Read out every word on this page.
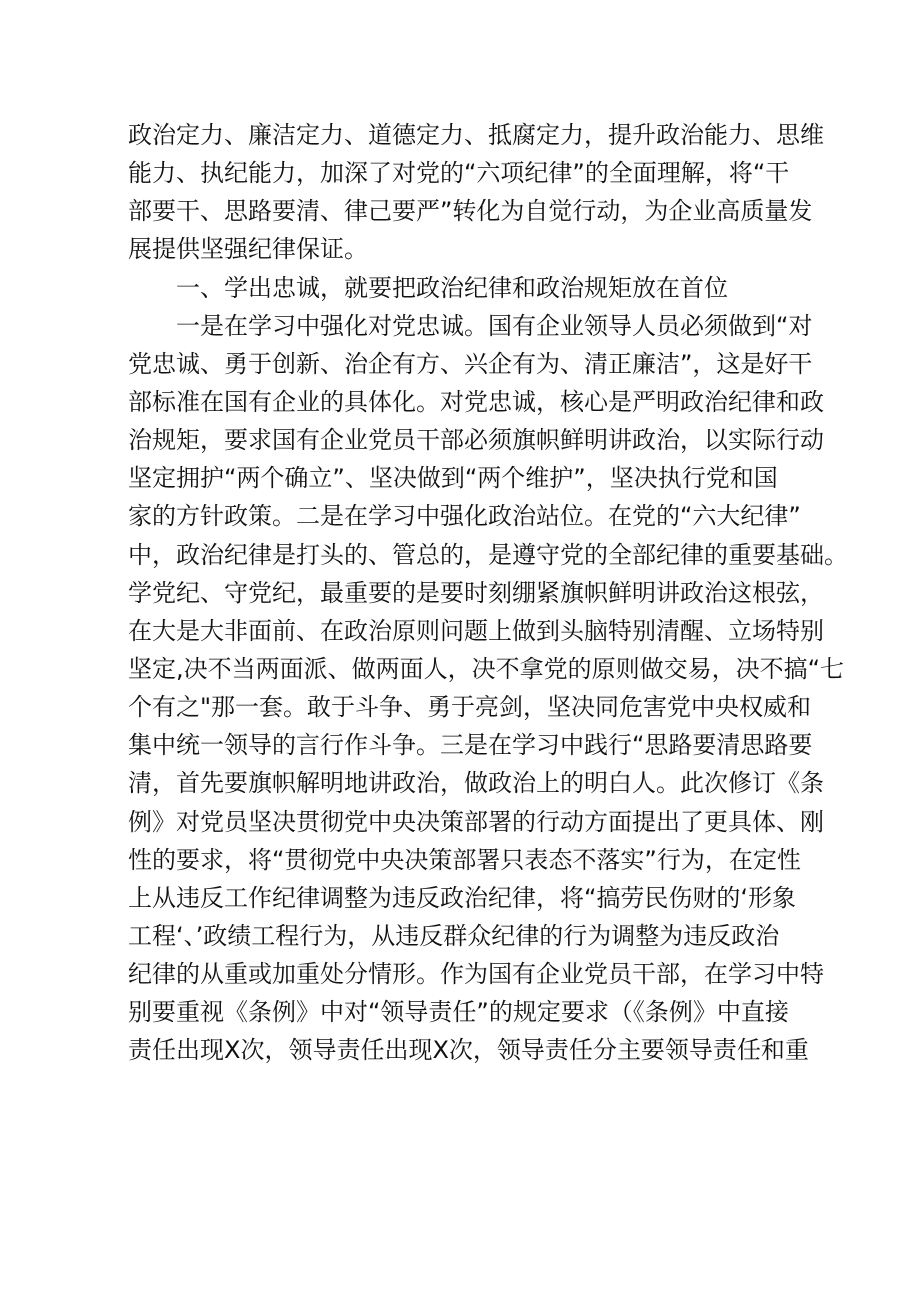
政治定力、廉洁定力、道德定力、抵腐定力，提升政治能力、思维
能力、执纪能力，加深了对党的“六项纪律”的全面理解，将“干
部要干、思路要清、律己要严”转化为自觉行动，为企业高质量发
展提供坚强纪律保证。
一、学出忠诚，就要把政治纪律和政治规矩放在首位
一是在学习中强化对党忠诚。国有企业领导人员必须做到“对
党忠诚、勇于创新、治企有方、兴企有为、清正廉洁”，这是好干
部标准在国有企业的具体化。对党忠诚，核心是严明政治纪律和政
治规矩，要求国有企业党员干部必须旗帜鲜明讲政治，以实际行动
坚定拥护“两个确立”、坚决做到“两个维护”，坚决执行党和国
家的方针政策。二是在学习中强化政治站位。在党的“六大纪律”
中，政治纪律是打头的、管总的，是遵守党的全部纪律的重要基础。
学党纪、守党纪，最重要的是要时刻绷紧旗帜鲜明讲政治这根弦，
在大是大非面前、在政治原则问题上做到头脑特别清醒、立场特别
坚定,决不当两面派、做两面人，决不拿党的原则做交易，决不搞“七
个有之"那一套。敢于斗争、勇于亮剑，坚决同危害党中央权威和
集中统一领导的言行作斗争。三是在学习中践行“思路要清思路要
清，首先要旗帜解明地讲政治，做政治上的明白人。此次修订《条
例》对党员坚决贯彻党中央决策部署的行动方面提出了更具体、刚
性的要求，将“贯彻党中央决策部署只表态不落实”行为，在定性
上从违反工作纪律调整为违反政治纪律，将“搞劳民伤财的‘形象
工程‘、’政绩工程行为，从违反群众纪律的行为调整为违反政治
纪律的从重或加重处分情形。作为国有企业党员干部，在学习中特
别要重视《条例》中对“领导责任”的规定要求（《条例》中直接
责任出现X次，领导责任出现X次，领导责任分主要领导责任和重
